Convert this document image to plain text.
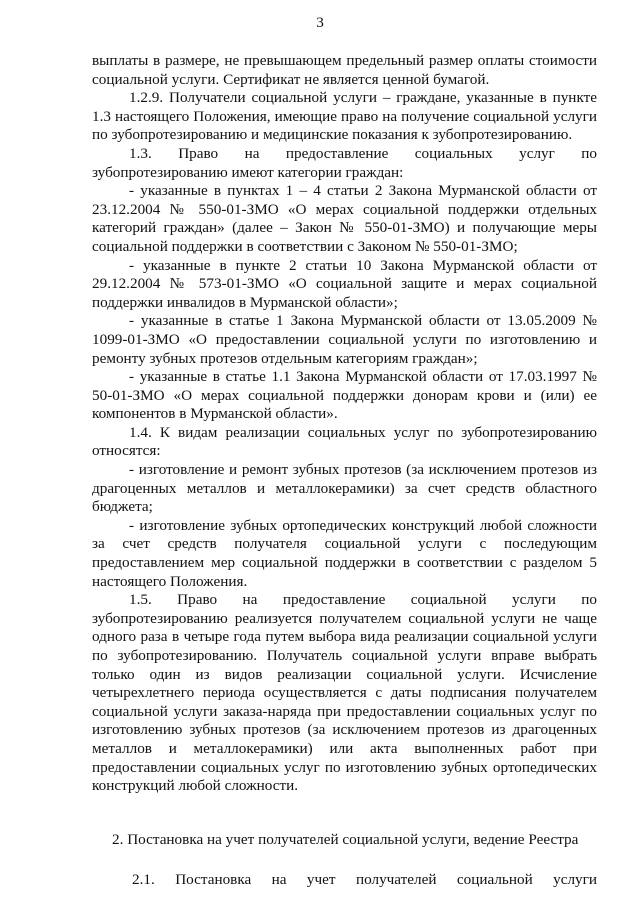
3

выплаты в размере, не превышающем предельный размер оплаты стоимости социальной услуги. Сертификат не является ценной бумагой.

1.2.9. Получатели социальной услуги – граждане, указанные в пункте 1.3 настоящего Положения, имеющие право на получение социальной услуги по зубопротезированию и медицинские показания к зубопротезированию.

1.3. Право на предоставление социальных услуг по

зубопротезированию имеют категории граждан:

- указанные в пунктах 1 – 4 статьи 2 Закона Мурманской области от 23.12.2004 № 550-01-ЗМО «О мерах социальной поддержки отдельных категорий граждан» (далее – Закон № 550-01-ЗМО) и получающие меры социальной поддержки в соответствии с Законом № 550-01-ЗМО;

- указанные в пункте 2 статьи 10 Закона Мурманской области от 29.12.2004 № 573-01-ЗМО «О социальной защите и мерах социальной поддержки инвалидов в Мурманской области»;

- указанные в статье 1 Закона Мурманской области от 13.05.2009 № 1099-01-ЗМО «О предоставлении социальной услуги по изготовлению и ремонту зубных протезов отдельным категориям граждан»;

- указанные в статье 1.1 Закона Мурманской области от 17.03.1997 № 50-01-ЗМО «О мерах социальной поддержки донорам крови и (или) ее компонентов в Мурманской области».

1.4. К видам реализации социальных услуг по зубопротезированию относятся:

- изготовление и ремонт зубных протезов (за исключением протезов из драгоценных металлов и металлокерамики) за счет средств областного бюджета;

- изготовление зубных ортопедических конструкций любой сложности за счет средств получателя социальной услуги с последующим предоставлением мер социальной поддержки в соответствии с разделом 5 настоящего Положения.

1.5. Право на предоставление социальной услуги по

зубопротезированию реализуется получателем социальной услуги не чаще одного раза в четыре года путем выбора вида реализации социальной услуги по зубопротезированию. Получатель социальной услуги вправе выбрать только один из видов реализации социальной услуги. Исчисление четырехлетнего периода осуществляется с даты подписания получателем социальной услуги заказа-наряда при предоставлении социальных услуг по изготовлению зубных протезов (за исключением протезов из драгоценных металлов и металлокерамики) или акта выполненных работ при предоставлении социальных услуг по изготовлению зубных ортопедических конструкций любой сложности.

2. Постановка на учет получателей социальной услуги, ведение Реестра

2.1. Постановка на учет получателей социальной услуги
